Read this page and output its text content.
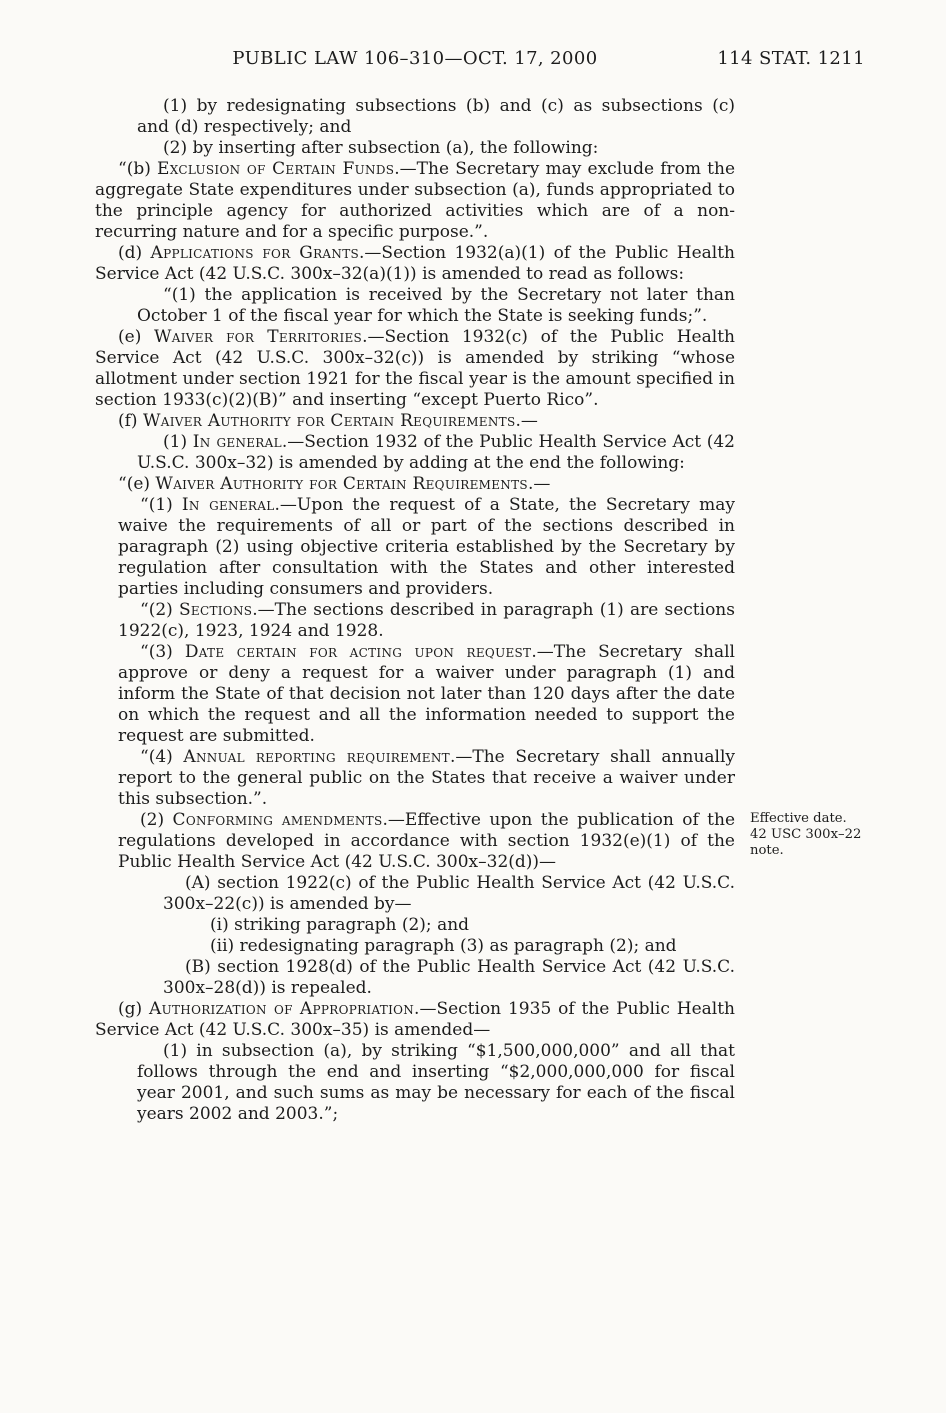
PUBLIC LAW 106–310—OCT. 17, 2000	114 STAT. 1211

(1) by redesignating subsections (b) and (c) as subsections (c) and (d) respectively; and

(2) by inserting after subsection (a), the following:

“(b) Exclusion of Certain Funds.—The Secretary may exclude from the aggregate State expenditures under subsection (a), funds appropriated to the principle agency for authorized activities which are of a non-recurring nature and for a specific purpose.”.

(d) Applications for Grants.—Section 1932(a)(1) of the Public Health Service Act (42 U.S.C. 300x–32(a)(1)) is amended to read as follows:

“(1) the application is received by the Secretary not later than October 1 of the fiscal year for which the State is seeking funds;”.

(e) Waiver for Territories.—Section 1932(c) of the Public Health Service Act (42 U.S.C. 300x–32(c)) is amended by striking “whose allotment under section 1921 for the fiscal year is the amount specified in section 1933(c)(2)(B)” and inserting “except Puerto Rico”.

(f) Waiver Authority for Certain Requirements.—

(1) In general.—Section 1932 of the Public Health Service Act (42 U.S.C. 300x–32) is amended by adding at the end the following:

“(e) Waiver Authority for Certain Requirements.—

“(1) In general.—Upon the request of a State, the Secretary may waive the requirements of all or part of the sections described in paragraph (2) using objective criteria established by the Secretary by regulation after consultation with the States and other interested parties including consumers and providers.

“(2) Sections.—The sections described in paragraph (1) are sections 1922(c), 1923, 1924 and 1928.

“(3) Date certain for acting upon request.—The Secretary shall approve or deny a request for a waiver under paragraph (1) and inform the State of that decision not later than 120 days after the date on which the request and all the information needed to support the request are submitted.

“(4) Annual reporting requirement.—The Secretary shall annually report to the general public on the States that receive a waiver under this subsection.”.

(2) Conforming amendments.—Effective upon the publication of the regulations developed in accordance with section 1932(e)(1) of the Public Health Service Act (42 U.S.C. 300x–32(d))—

Effective date.
42 USC 300x–22
note.

(A) section 1922(c) of the Public Health Service Act (42 U.S.C. 300x–22(c)) is amended by—

(i) striking paragraph (2); and

(ii) redesignating paragraph (3) as paragraph (2); and

(B) section 1928(d) of the Public Health Service Act (42 U.S.C. 300x–28(d)) is repealed.

(g) Authorization of Appropriation.—Section 1935 of the Public Health Service Act (42 U.S.C. 300x–35) is amended—

(1) in subsection (a), by striking “$1,500,000,000” and all that follows through the end and inserting “$2,000,000,000 for fiscal year 2001, and such sums as may be necessary for each of the fiscal years 2002 and 2003.”;
